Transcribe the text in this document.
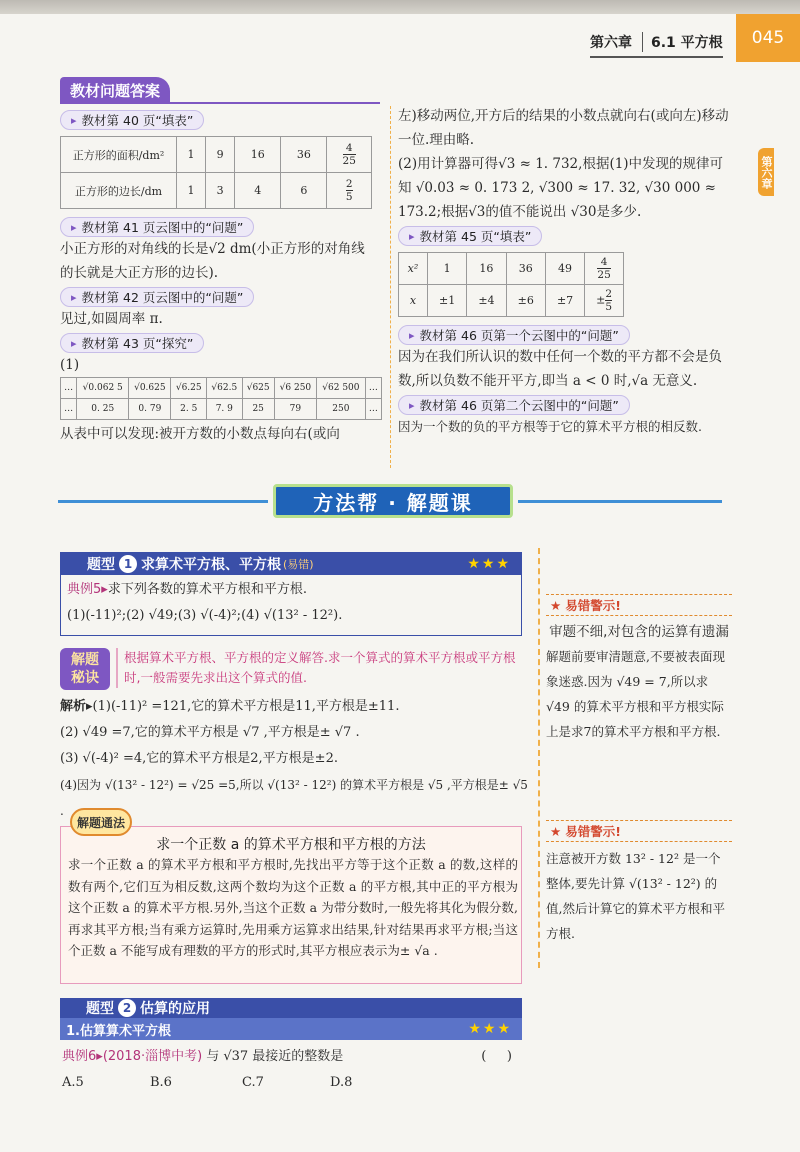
第六章	6.1 平方根	045
第六章
教材问题答案
▸ 教材第 40 页“填表”
正方形的面积/dm²	1	9	16	36	$\frac{4}{25}$

正方形的边长/dm	1	3	4	6	$\frac{2}{5}$
▸ 教材第 41 页云图中的“问题”
小正方形的对角线的长是√2 dm(小正方形的对角线的长就是大正方形的边长).
▸ 教材第 42 页云图中的“问题”
见过,如圆周率 π.
▸ 教材第 43 页“探究”
(1)
…	√0.062 5	√0.625	√6.25	√62.5	√625	√6 250	√62 500	…
…	0. 25	0. 79	2. 5	7. 9	25	79	250	…
从表中可以发现:被开方数的小数点每向右(或向
左)移动两位,开方后的结果的小数点就向右(或向左)移动一位.理由略.
(2)用计算器可得√3 ≈ 1. 732,根据(1)中发现的规律可知 √0.03 ≈ 0. 173 2, √300 ≈ 17. 32, √30 000 ≈ 173.2;根据√3的值不能说出 √30是多少.
▸ 教材第 45 页“填表”
x²	1	16	36	49	$\frac{4}{25}$

x	±1	±4	±6	±7	± $\frac{2}{5}$
▸ 教材第 46 页第一个云图中的“问题”
因为在我们所认识的数中任何一个数的平方都不会是负数,所以负数不能开平方,即当 a < 0 时,√a 无意义.
▸ 教材第 46 页第二个云图中的“问题”
因为一个数的负的平方根等于它的算术平方根的相反数.
方法帮 · 解题课
题型 1 求算术平方根、平方根 (易错)	★★★
典例5▸求下列各数的算术平方根和平方根.
(1)(-11)²;(2) √49;(3) √(-4)²;(4) √(13² - 12²).
解题
秘诀
根据算术平方根、平方根的定义解答.求一个算式的算术平方根或平方根时,一般需要先求出这个算式的值.
解析▸(1)(-11)² =121,它的算术平方根是11,平方根是±11.
(2) √49 =7,它的算术平方根是 √7 ,平方根是± √7 .
(3) √(-4)² =4,它的算术平方根是2,平方根是±2.
(4)因为 √(13² - 12²) = √25 =5,所以 √(13² - 12²) 的算术平方根是 √5 ,平方根是± √5 .
解题通法
求一个正数 a 的算术平方根和平方根的方法
求一个正数 a 的算术平方根和平方根时,先找出平方等于这个正数 a 的数,这样的数有两个,它们互为相反数,这两个数均为这个正数 a 的平方根,其中正的平方根为这个正数 a 的算术平方根.另外,当这个正数 a 为带分数时,一般先将其化为假分数,再求其平方根;当有乘方运算时,先用乘方运算求出结果,针对结果再求平方根;当这个正数 a 不能写成有理数的平方的形式时,其平方根应表示为± √a .
题型 2 估算的应用
1.估算算术平方根	★★★
典例6 ▸ (2018·淄博中考) 与 √37 最接近的整数是	(     )
A.5	B.6	C.7	D.8
★ 易错警示!
审题不细,对包含的运算有遗漏
解题前要审清题意,不要被表面现象迷惑.因为 √49 = 7,所以求 √49 的算术平方根和平方根实际上是求7的算术平方根和平方根.
★ 易错警示!
注意被开方数 13² - 12² 是一个整体,要先计算 √(13² - 12²) 的值,然后计算它的算术平方根和平方根.
